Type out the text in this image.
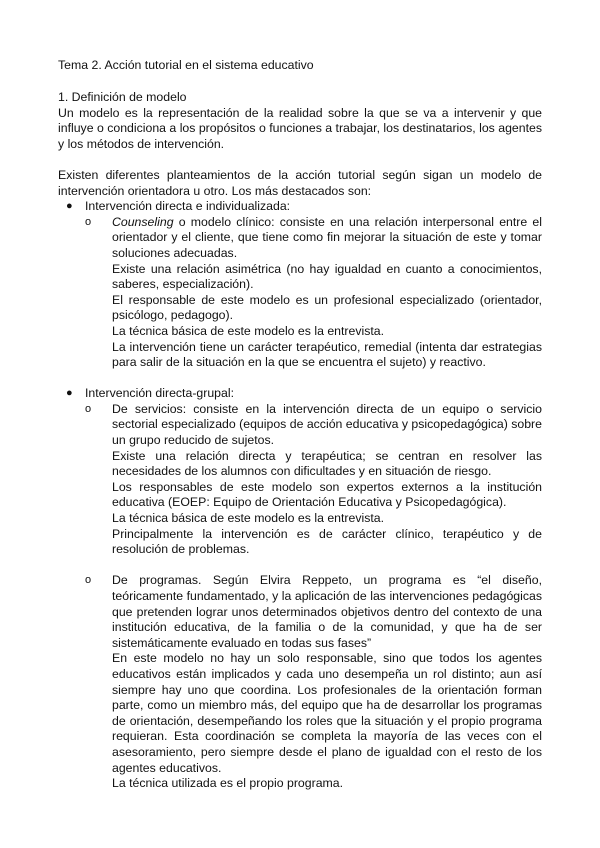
Tema 2. Acción tutorial en el sistema educativo
1. Definición de modelo

Un modelo es la representación de la realidad sobre la que se va a intervenir y que influye o condiciona a los propósitos o funciones a trabajar, los destinatarios, los agentes y los métodos de intervención.

Existen diferentes planteamientos de la acción tutorial según sigan un modelo de intervención orientadora u otro. Los más destacados son:

● Intervención directa e individualizada:
o Counseling o modelo clínico: consiste en una relación interpersonal entre el orientador y el cliente, que tiene como fin mejorar la situación de este y tomar soluciones adecuadas.

Existe una relación asimétrica (no hay igualdad en cuanto a conocimientos, saberes, especialización).

El responsable de este modelo es un profesional especializado (orientador, psicólogo, pedagogo).

La técnica básica de este modelo es la entrevista.

La intervención tiene un carácter terapéutico, remedial (intenta dar estrategias para salir de la situación en la que se encuentra el sujeto) y reactivo.

● Intervención directa-grupal:
o De servicios: consiste en la intervención directa de un equipo o servicio sectorial especializado (equipos de acción educativa y psicopedagógica) sobre un grupo reducido de sujetos.

Existe una relación directa y terapéutica; se centran en resolver las necesidades de los alumnos con dificultades y en situación de riesgo.

Los responsables de este modelo son expertos externos a la institución educativa (EOEP: Equipo de Orientación Educativa y Psicopedagógica).

La técnica básica de este modelo es la entrevista.

Principalmente la intervención es de carácter clínico, terapéutico y de resolución de problemas.

o De programas. Según Elvira Reppeto, un programa es “el diseño, teóricamente fundamentado, y la aplicación de las intervenciones pedagógicas que pretenden lograr unos determinados objetivos dentro del contexto de una institución educativa, de la familia o de la comunidad, y que ha de ser sistemáticamente evaluado en todas sus fases”

En este modelo no hay un solo responsable, sino que todos los agentes educativos están implicados y cada uno desempeña un rol distinto; aun así siempre hay uno que coordina. Los profesionales de la orientación forman parte, como un miembro más, del equipo que ha de desarrollar los programas de orientación, desempeñando los roles que la situación y el propio programa requieran. Esta coordinación se completa la mayoría de las veces con el asesoramiento, pero siempre desde el plano de igualdad con el resto de los agentes educativos.

La técnica utilizada es el propio programa.
